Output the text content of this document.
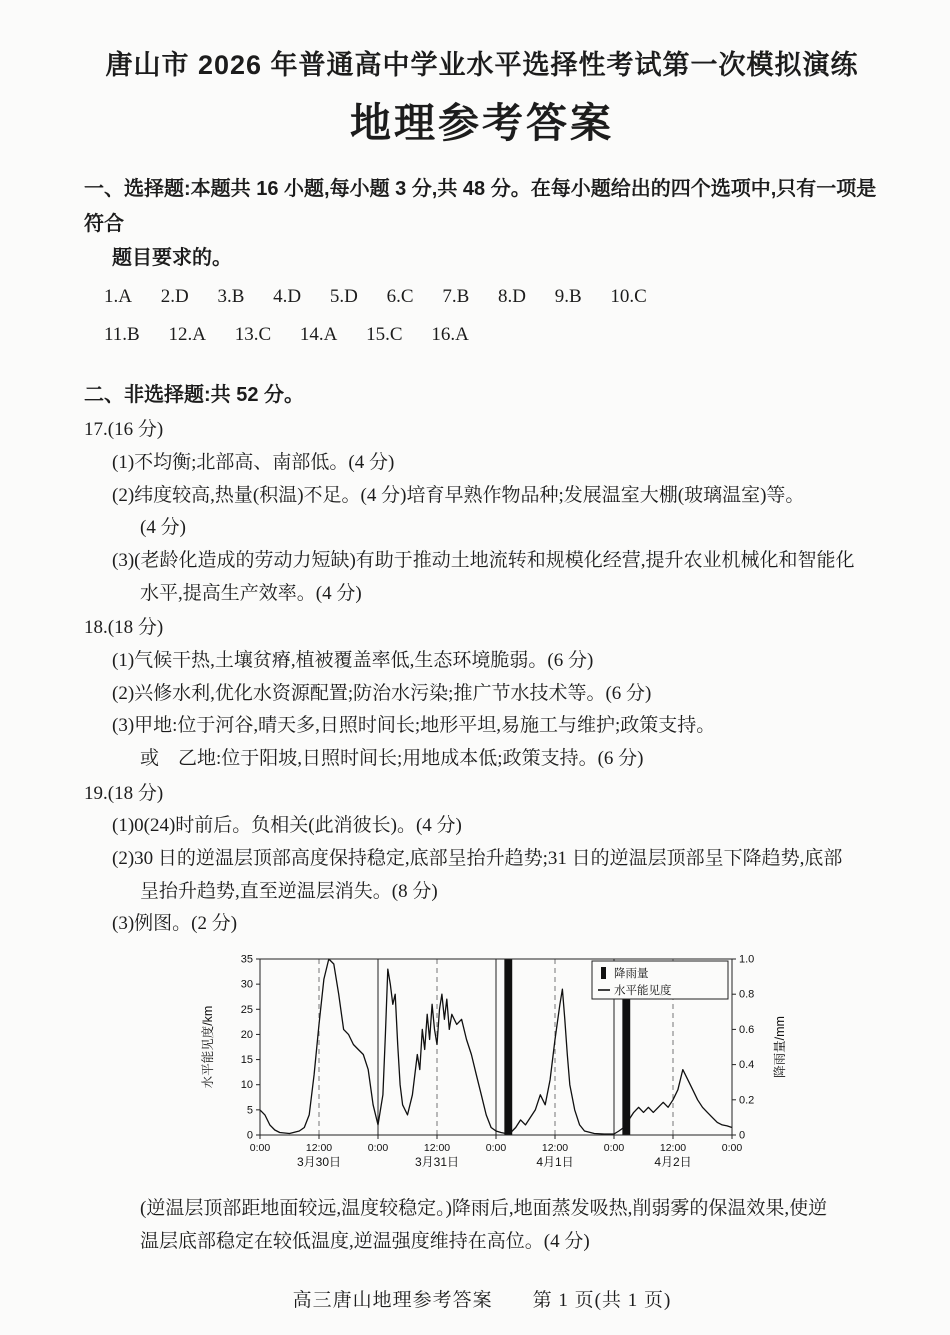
唐山市 2026 年普通高中学业水平选择性考试第一次模拟演练
地理参考答案
一、选择题:本题共 16 小题,每小题 3 分,共 48 分。在每小题给出的四个选项中,只有一项是符合
题目要求的。
1.A 2.D 3.B 4.D 5.D 6.C 7.B 8.D 9.B 10.C
11.B 12.A 13.C 14.A 15.C 16.A
二、非选择题:共 52 分。
17.(16 分)
(1)不均衡;北部高、南部低。(4 分)
(2)纬度较高,热量(积温)不足。(4 分)培育早熟作物品种;发展温室大棚(玻璃温室)等。
(4 分)
(3)(老龄化造成的劳动力短缺)有助于推动土地流转和规模化经营,提升农业机械化和智能化
水平,提高生产效率。(4 分)
18.(18 分)
(1)气候干热,土壤贫瘠,植被覆盖率低,生态环境脆弱。(6 分)
(2)兴修水利,优化水资源配置;防治水污染;推广节水技术等。(6 分)
(3)甲地:位于河谷,晴天多,日照时间长;地形平坦,易施工与维护;政策支持。
或　乙地:位于阳坡,日照时间长;用地成本低;政策支持。(6 分)
19.(18 分)
(1)0(24)时前后。负相关(此消彼长)。(4 分)
(2)30 日的逆温层顶部高度保持稳定,底部呈抬升趋势;31 日的逆温层顶部呈下降趋势,底部
呈抬升趋势,直至逆温层消失。(8 分)
(3)例图。(2 分)
0
5
10
15
20
25
30
35
0
0.2
0.4
0.6
0.8
1.0
0:00	12:00	0:00	12:00	0:00	12:00	0:00	12:00	0:00
3月30日	3月31日	4月1日	4月2日
水平能见度/km	降雨量/mm
降雨量
水平能见度
(逆温层顶部距地面较远,温度较稳定。)降雨后,地面蒸发吸热,削弱雾的保温效果,使逆
温层底部稳定在较低温度,逆温强度维持在高位。(4 分)
高三唐山地理参考答案　　第 1 页(共 1 页)
